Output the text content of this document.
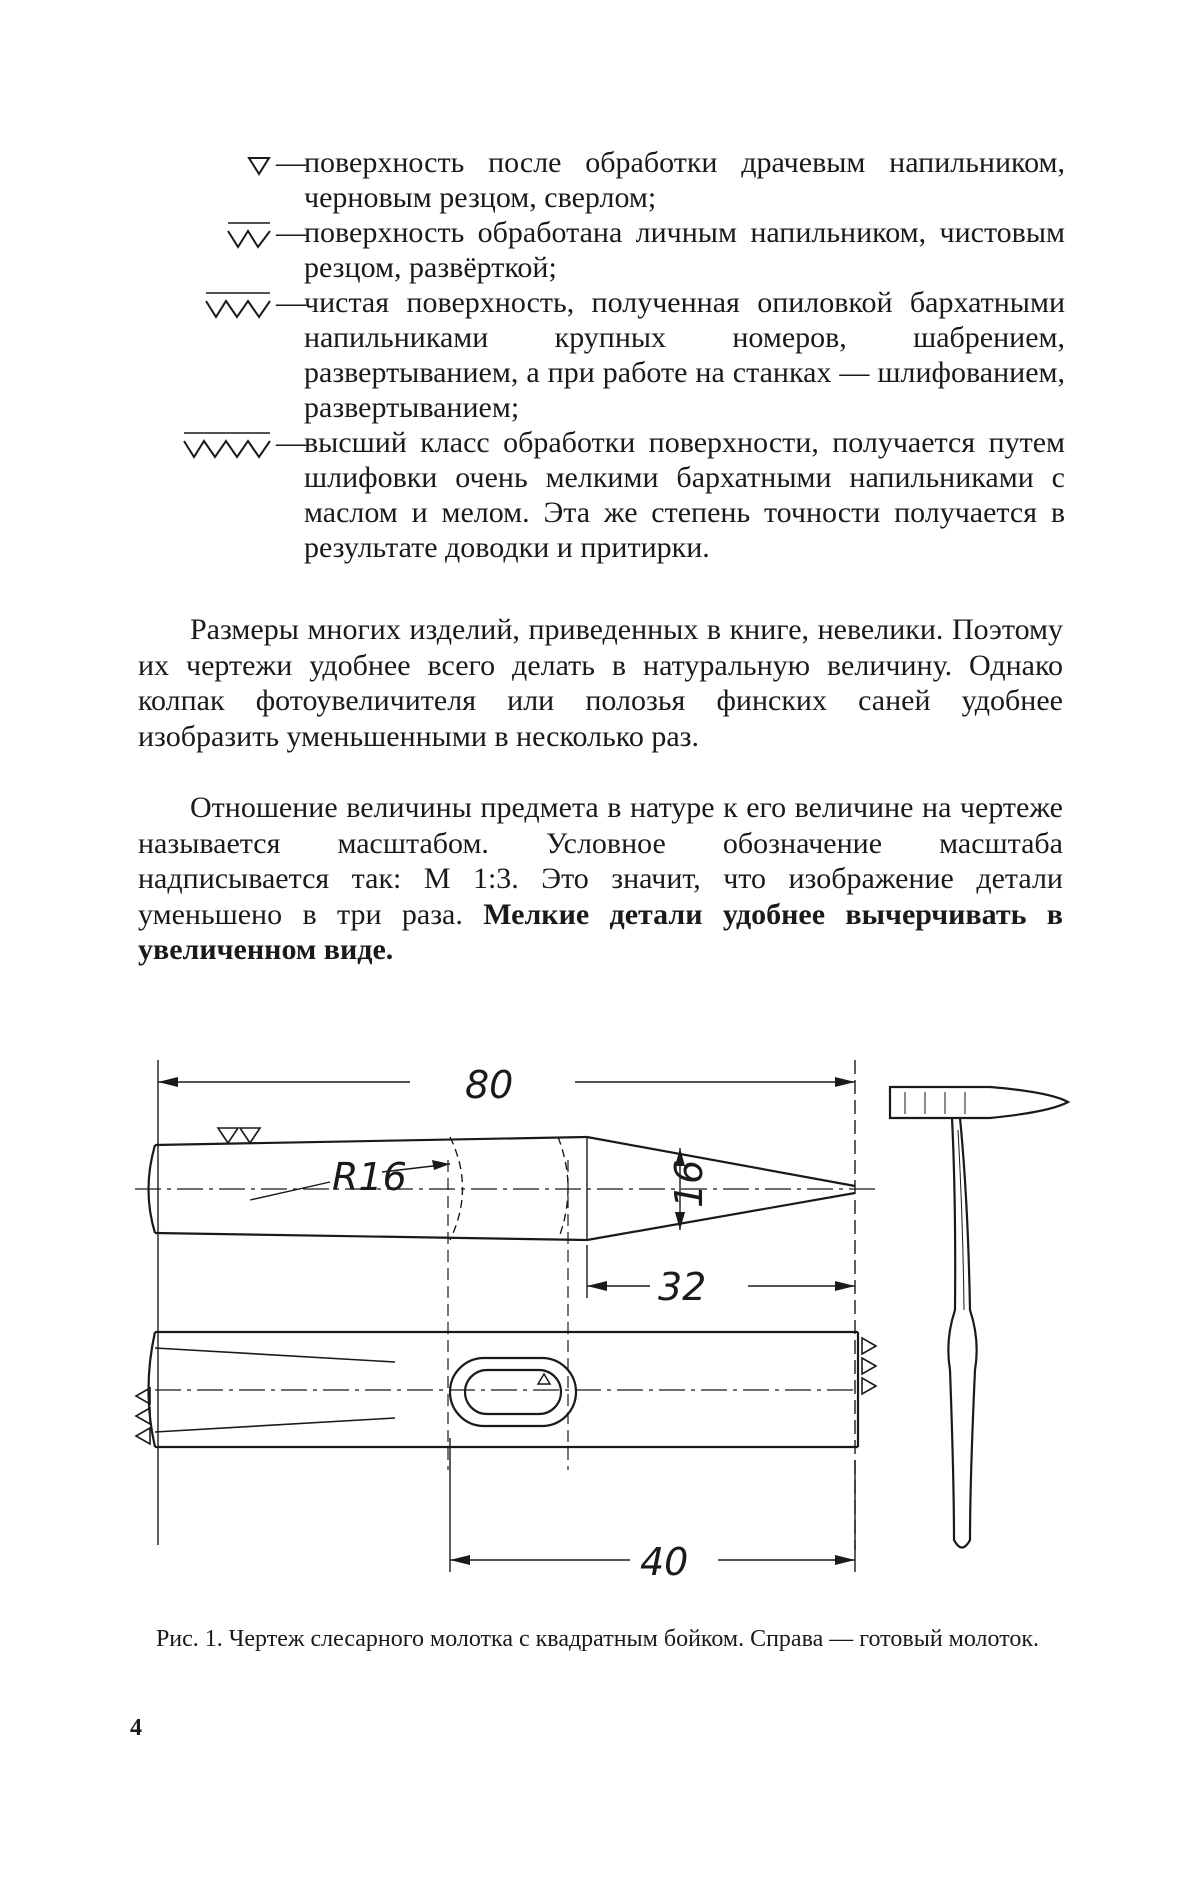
—
поверхность после обработки драчевым напильником, черновым резцом, сверлом;
—
поверхность обработана личным напильником, чистовым резцом, развёрткой;
—
чистая поверхность, полученная опиловкой бархатными напильниками крупных номеров, шабрением, развертыванием, а при работе на станках — шлифованием, развертыванием;
—
высший класс обработки поверхности, получается путем шлифовки очень мелкими бархатными напильниками с маслом и мелом. Эта же степень точности получается в результате доводки и притирки.

Размеры многих изделий, приведенных в книге, невелики. Поэтому их чертежи удобнее всего делать в натуральную величину. Однако колпак фотоувеличителя или полозья финских саней удобнее изобразить уменьшенными в несколько раз.

Отношение величины предмета в натуре к его величине на чертеже называется масштабом. Условное обозначение масштаба надписывается так: М 1:3. Это значит, что изображение детали уменьшено в три раза. Мелкие детали удобнее вычерчивать в увеличенном виде.

80
R16	16
32
40
Рис. 1. Чертеж слесарного молотка с квадратным бойком. Справа — готовый молоток.
4
